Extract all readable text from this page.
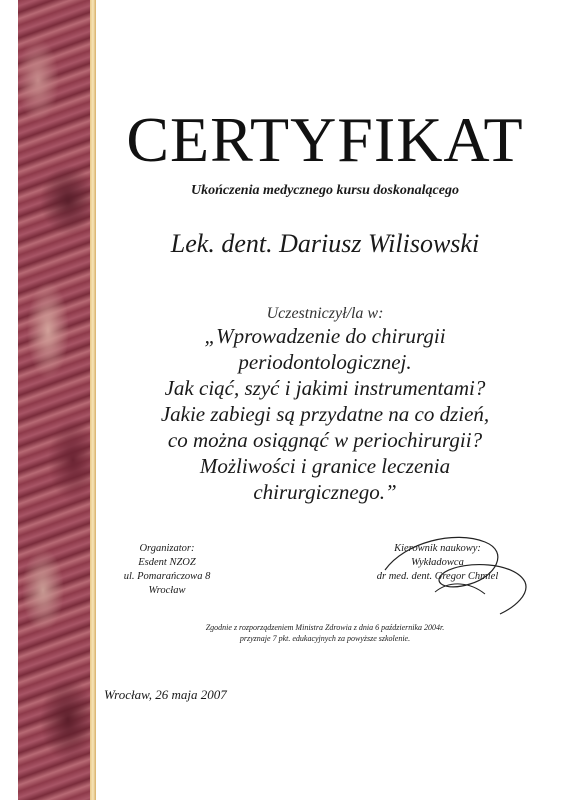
CERTYFIKAT
Ukończenia medycznego kursu doskonalącego
Lek. dent. Dariusz Wilisowski
Uczestniczył/la w:
„Wprowadzenie do chirurgii
periodontologicznej.
Jak ciąć, szyć i jakimi instrumentami?
Jakie zabiegi są przydatne na co dzień,
co można osiągnąć w periochirurgii?
Możliwości i granice leczenia
chirurgicznego.”
Organizator:
Esdent NZOZ
ul. Pomarańczowa 8
Wrocław
Kierownik naukowy:
Wykładowca
dr med. dent. Gregor Chmiel
Zgodnie z rozporządzeniem Ministra Zdrowia z dnia 6 października 2004r.
przyznaje 7 pkt. edukacyjnych za powyższe szkolenie.
Wrocław, 26 maja 2007
